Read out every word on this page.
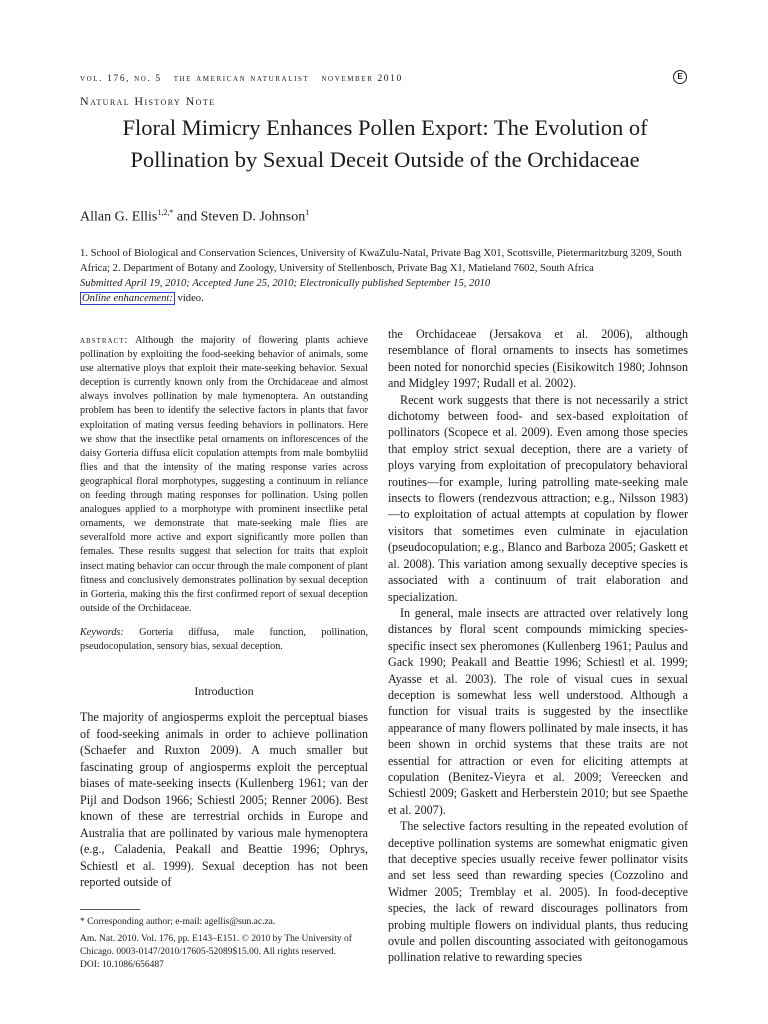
vol. 176, no. 5 the american naturalist november 2010	E
Natural History Note
Floral Mimicry Enhances Pollen Export: The Evolution of Pollination by Sexual Deceit Outside of the Orchidaceae
Allan G. Ellis$^{1,2,*}$ and Steven D. Johnson$^1$
1. School of Biological and Conservation Sciences, University of KwaZulu-Natal, Private Bag X01, Scottsville, Pietermaritzburg 3209, South Africa; 2. Department of Botany and Zoology, University of Stellenbosch, Private Bag X1, Matieland 7602, South Africa
Submitted April 19, 2010; Accepted June 25, 2010; Electronically published September 15, 2010
Online enhancement: video.

abstract: Although the majority of flowering plants achieve pollination by exploiting the food-seeking behavior of animals, some use alternative ploys that exploit their mate-seeking behavior. Sexual deception is currently known only from the Orchidaceae and almost always involves pollination by male hymenoptera. An outstanding problem has been to identify the selective factors in plants that favor exploitation of mating versus feeding behaviors in pollinators. Here we show that the insectlike petal ornaments on inflorescences of the daisy Gorteria diffusa elicit copulation attempts from male bombyliid flies and that the intensity of the mating response varies across geographical floral morphotypes, suggesting a continuum in reliance on feeding through mating responses for pollination. Using pollen analogues applied to a morphotype with prominent insectlike petal ornaments, we demonstrate that mate-seeking male flies are severalfold more active and export significantly more pollen than females. These results suggest that selection for traits that exploit insect mating behavior can occur through the male component of plant fitness and conclusively demonstrates pollination by sexual deception in Gorteria, making this the first confirmed report of sexual deception outside of the Orchidaceae.

Keywords: Gorteria diffusa, male function, pollination, pseudocopulation, sensory bias, sexual deception.

Introduction

The majority of angiosperms exploit the perceptual biases of food-seeking animals in order to achieve pollination (Schaefer and Ruxton 2009). A much smaller but fascinating group of angiosperms exploit the perceptual biases of mate-seeking insects (Kullenberg 1961; van der Pijl and Dodson 1966; Schiestl 2005; Renner 2006). Best known of these are terrestrial orchids in Europe and Australia that are pollinated by various male hymenoptera (e.g., Caladenia, Peakall and Beattie 1996; Ophrys, Schiestl et al. 1999). Sexual deception has not been reported outside of

* Corresponding author; e-mail: agellis@sun.ac.za.

Am. Nat. 2010. Vol. 176, pp. E143–E151. © 2010 by The University of Chicago. 0003-0147/2010/17605-52089$15.00. All rights reserved.

DOI: 10.1086/656487

the Orchidaceae (Jersakova et al. 2006), although resemblance of floral ornaments to insects has sometimes been noted for nonorchid species (Eisikowitch 1980; Johnson and Midgley 1997; Rudall et al. 2002).

Recent work suggests that there is not necessarily a strict dichotomy between food- and sex-based exploitation of pollinators (Scopece et al. 2009). Even among those species that employ strict sexual deception, there are a variety of ploys varying from exploitation of precopulatory behavioral routines—for example, luring patrolling mate-seeking male insects to flowers (rendezvous attraction; e.g., Nilsson 1983)—to exploitation of actual attempts at copulation by flower visitors that sometimes even culminate in ejaculation (pseudocopulation; e.g., Blanco and Barboza 2005; Gaskett et al. 2008). This variation among sexually deceptive species is associated with a continuum of trait elaboration and specialization.

In general, male insects are attracted over relatively long distances by floral scent compounds mimicking species-specific insect sex pheromones (Kullenberg 1961; Paulus and Gack 1990; Peakall and Beattie 1996; Schiestl et al. 1999; Ayasse et al. 2003). The role of visual cues in sexual deception is somewhat less well understood. Although a function for visual traits is suggested by the insectlike appearance of many flowers pollinated by male insects, it has been shown in orchid systems that these traits are not essential for attraction or even for eliciting attempts at copulation (Benitez-Vieyra et al. 2009; Vereecken and Schiestl 2009; Gaskett and Herberstein 2010; but see Spaethe et al. 2007).

The selective factors resulting in the repeated evolution of deceptive pollination systems are somewhat enigmatic given that deceptive species usually receive fewer pollinator visits and set less seed than rewarding species (Cozzolino and Widmer 2005; Tremblay et al. 2005). In food-deceptive species, the lack of reward discourages pollinators from probing multiple flowers on individual plants, thus reducing ovule and pollen discounting associated with geitonogamous pollination relative to rewarding species
